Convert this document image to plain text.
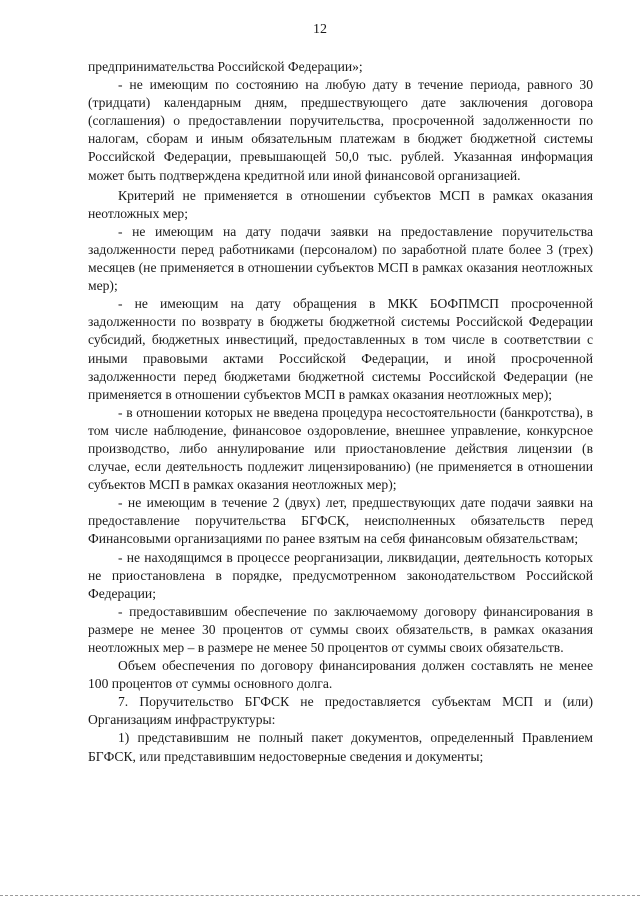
12

предпринимательства Российской Федерации»;

- не имеющим по состоянию на любую дату в течение периода, равного 30 (тридцати) календарным дням, предшествующего дате заключения договора (соглашения) о предоставлении поручительства, просроченной задолженности по налогам, сборам и иным обязательным платежам в бюджет бюджетной системы Российской Федерации, превышающей 50,0 тыс. рублей. Указанная информация может быть подтверждена кредитной или иной финансовой организацией.

Критерий не применяется в отношении субъектов МСП в рамках оказания неотложных мер;

- не имеющим на дату подачи заявки на предоставление поручительства задолженности перед работниками (персоналом) по заработной плате более 3 (трех) месяцев (не применяется в отношении субъектов МСП в рамках оказания неотложных мер);

- не имеющим на дату обращения в МКК БОФПМСП просроченной задолженности по возврату в бюджеты бюджетной системы Российской Федерации субсидий, бюджетных инвестиций, предоставленных в том числе в соответствии с иными правовыми актами Российской Федерации, и иной просроченной задолженности перед бюджетами бюджетной системы Российской Федерации (не применяется в отношении субъектов МСП в рамках оказания неотложных мер);

- в отношении которых не введена процедура несостоятельности (банкротства), в том числе наблюдение, финансовое оздоровление, внешнее управление, конкурсное производство, либо аннулирование или приостановление действия лицензии (в случае, если деятельность подлежит лицензированию) (не применяется в отношении субъектов МСП в рамках оказания неотложных мер);

- не имеющим в течение 2 (двух) лет, предшествующих дате подачи заявки на предоставление поручительства БГФСК, неисполненных обязательств перед Финансовыми организациями по ранее взятым на себя финансовым обязательствам;

- не находящимся в процессе реорганизации, ликвидации, деятельность которых не приостановлена в порядке, предусмотренном законодательством Российской Федерации;

- предоставившим обеспечение по заключаемому договору финансирования в размере не менее 30 процентов от суммы своих обязательств, в рамках оказания неотложных мер – в размере не менее 50 процентов от суммы своих обязательств.

Объем обеспечения по договору финансирования должен составлять не менее 100 процентов от суммы основного долга.

7. Поручительство БГФСК не предоставляется субъектам МСП и (или) Организациям инфраструктуры:

1) представившим не полный пакет документов, определенный Правлением БГФСК, или представившим недостоверные сведения и документы;
